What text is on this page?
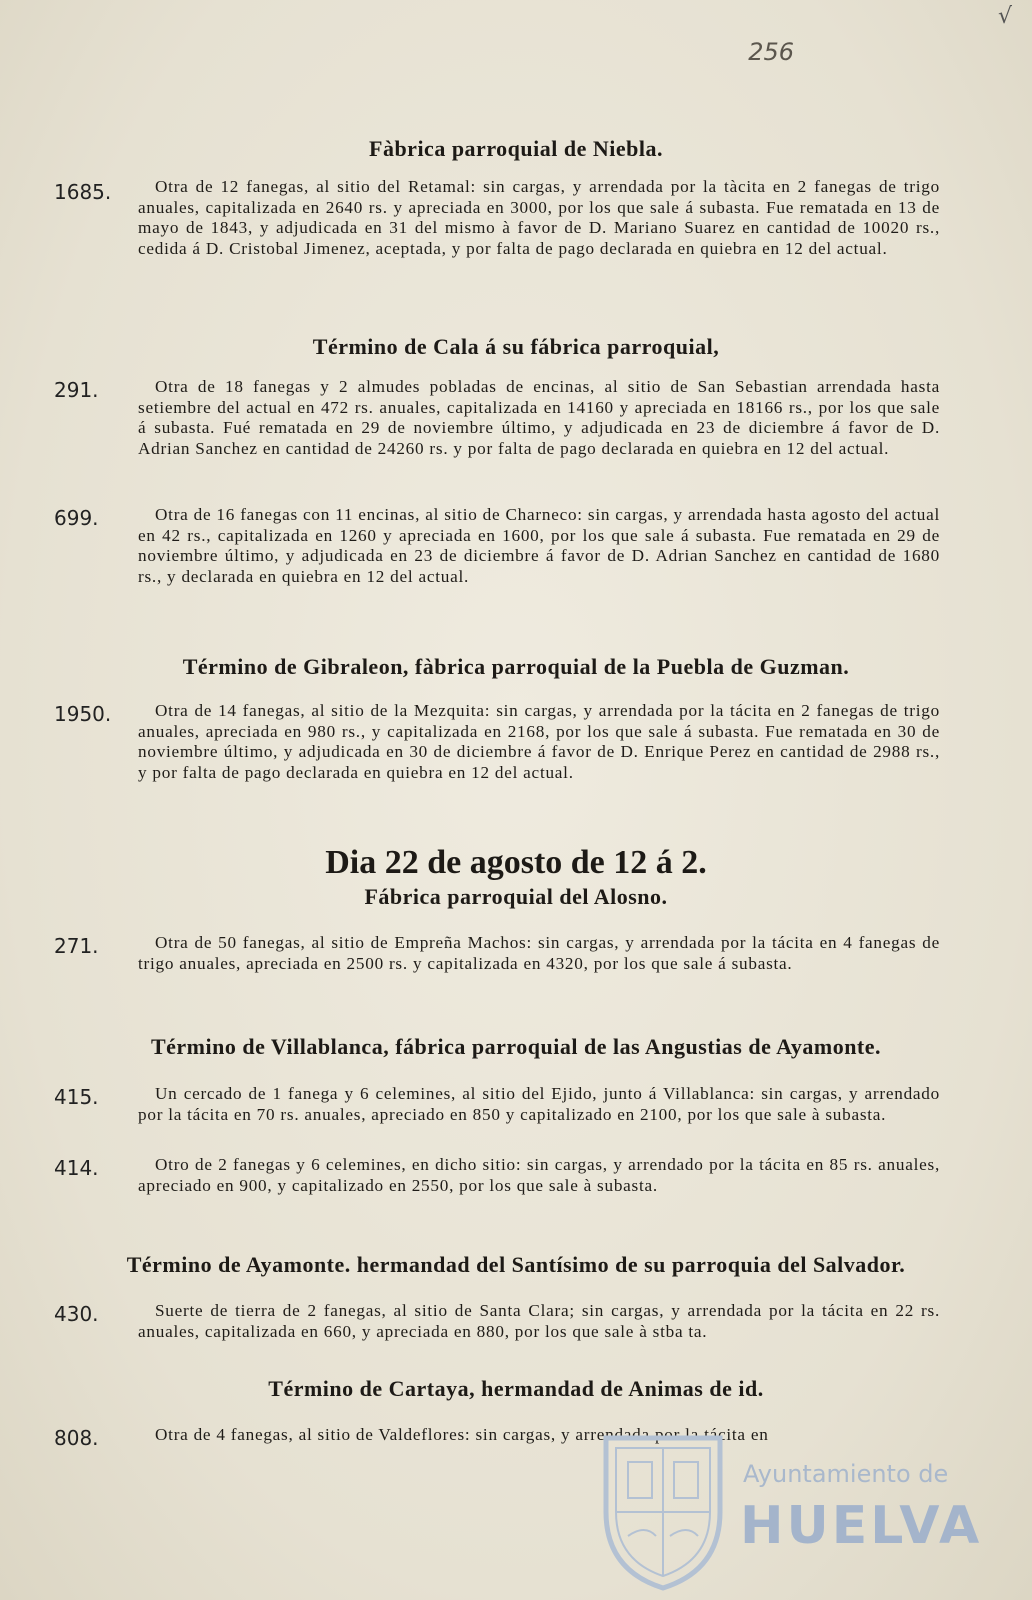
√
256
Fàbrica parroquial de Niebla.
1685.	Otra de 12 fanegas, al sitio del Retamal: sin cargas, y arrendada por la tàcita en 2 fanegas de trigo anuales, capitalizada en 2640 rs. y apreciada en 3000, por los que sale á subasta. Fue rematada en 13 de mayo de 1843, y adjudicada en 31 del mismo à favor de D. Mariano Suarez en cantidad de 10020 rs., cedida á D. Cristobal Jimenez, aceptada, y por falta de pago declarada en quiebra en 12 del actual.

Término de Cala á su fábrica parroquial,
291.	Otra de 18 fanegas y 2 almudes pobladas de encinas, al sitio de San Sebastian arrendada hasta setiembre del actual en 472 rs. anuales, capitalizada en 14160 y apreciada en 18166 rs., por los que sale á subasta. Fué rematada en 29 de noviembre último, y adjudicada en 23 de diciembre á favor de D. Adrian Sanchez en cantidad de 24260 rs. y por falta de pago declarada en quiebra en 12 del actual.

699.	Otra de 16 fanegas con 11 encinas, al sitio de Charneco: sin cargas, y arrendada hasta agosto del actual en 42 rs., capitalizada en 1260 y apreciada en 1600, por los que sale á subasta. Fue rematada en 29 de noviembre último, y adjudicada en 23 de diciembre á favor de D. Adrian Sanchez en cantidad de 1680 rs., y declarada en quiebra en 12 del actual.

Término de Gibraleon, fàbrica parroquial de la Puebla de Guzman.
1950.	Otra de 14 fanegas, al sitio de la Mezquita: sin cargas, y arrendada por la tácita en 2 fanegas de trigo anuales, apreciada en 980 rs., y capitalizada en 2168, por los que sale á subasta. Fue rematada en 30 de noviembre último, y adjudicada en 30 de diciembre á favor de D. Enrique Perez en cantidad de 2988 rs., y por falta de pago declarada en quiebra en 12 del actual.

Dia 22 de agosto de 12 á 2.
Fábrica parroquial del Alosno.
271.	Otra de 50 fanegas, al sitio de Empreña Machos: sin cargas, y arrendada por la tácita en 4 fanegas de trigo anuales, apreciada en 2500 rs. y capitalizada en 4320, por los que sale á subasta.

Término de Villablanca, fábrica parroquial de las Angustias de Ayamonte.
415.	Un cercado de 1 fanega y 6 celemines, al sitio del Ejido, junto á Villablanca: sin cargas, y arrendado por la tácita en 70 rs. anuales, apreciado en 850 y capitalizado en 2100, por los que sale à subasta.

414.	Otro de 2 fanegas y 6 celemines, en dicho sitio: sin cargas, y arrendado por la tácita en 85 rs. anuales, apreciado en 900, y capitalizado en 2550, por los que sale à subasta.

Término de Ayamonte. hermandad del Santísimo de su parroquia del Salvador.
430.	Suerte de tierra de 2 fanegas, al sitio de Santa Clara; sin cargas, y arrendada por la tácita en 22 rs. anuales, capitalizada en 660, y apreciada en 880, por los que sale à stba ta.

Término de Cartaya, hermandad de Animas de id.
808.	Otra de 4 fanegas, al sitio de Valdeflores: sin cargas, y arrendada por la tácita en

Ayuntamiento de
HUELVA
